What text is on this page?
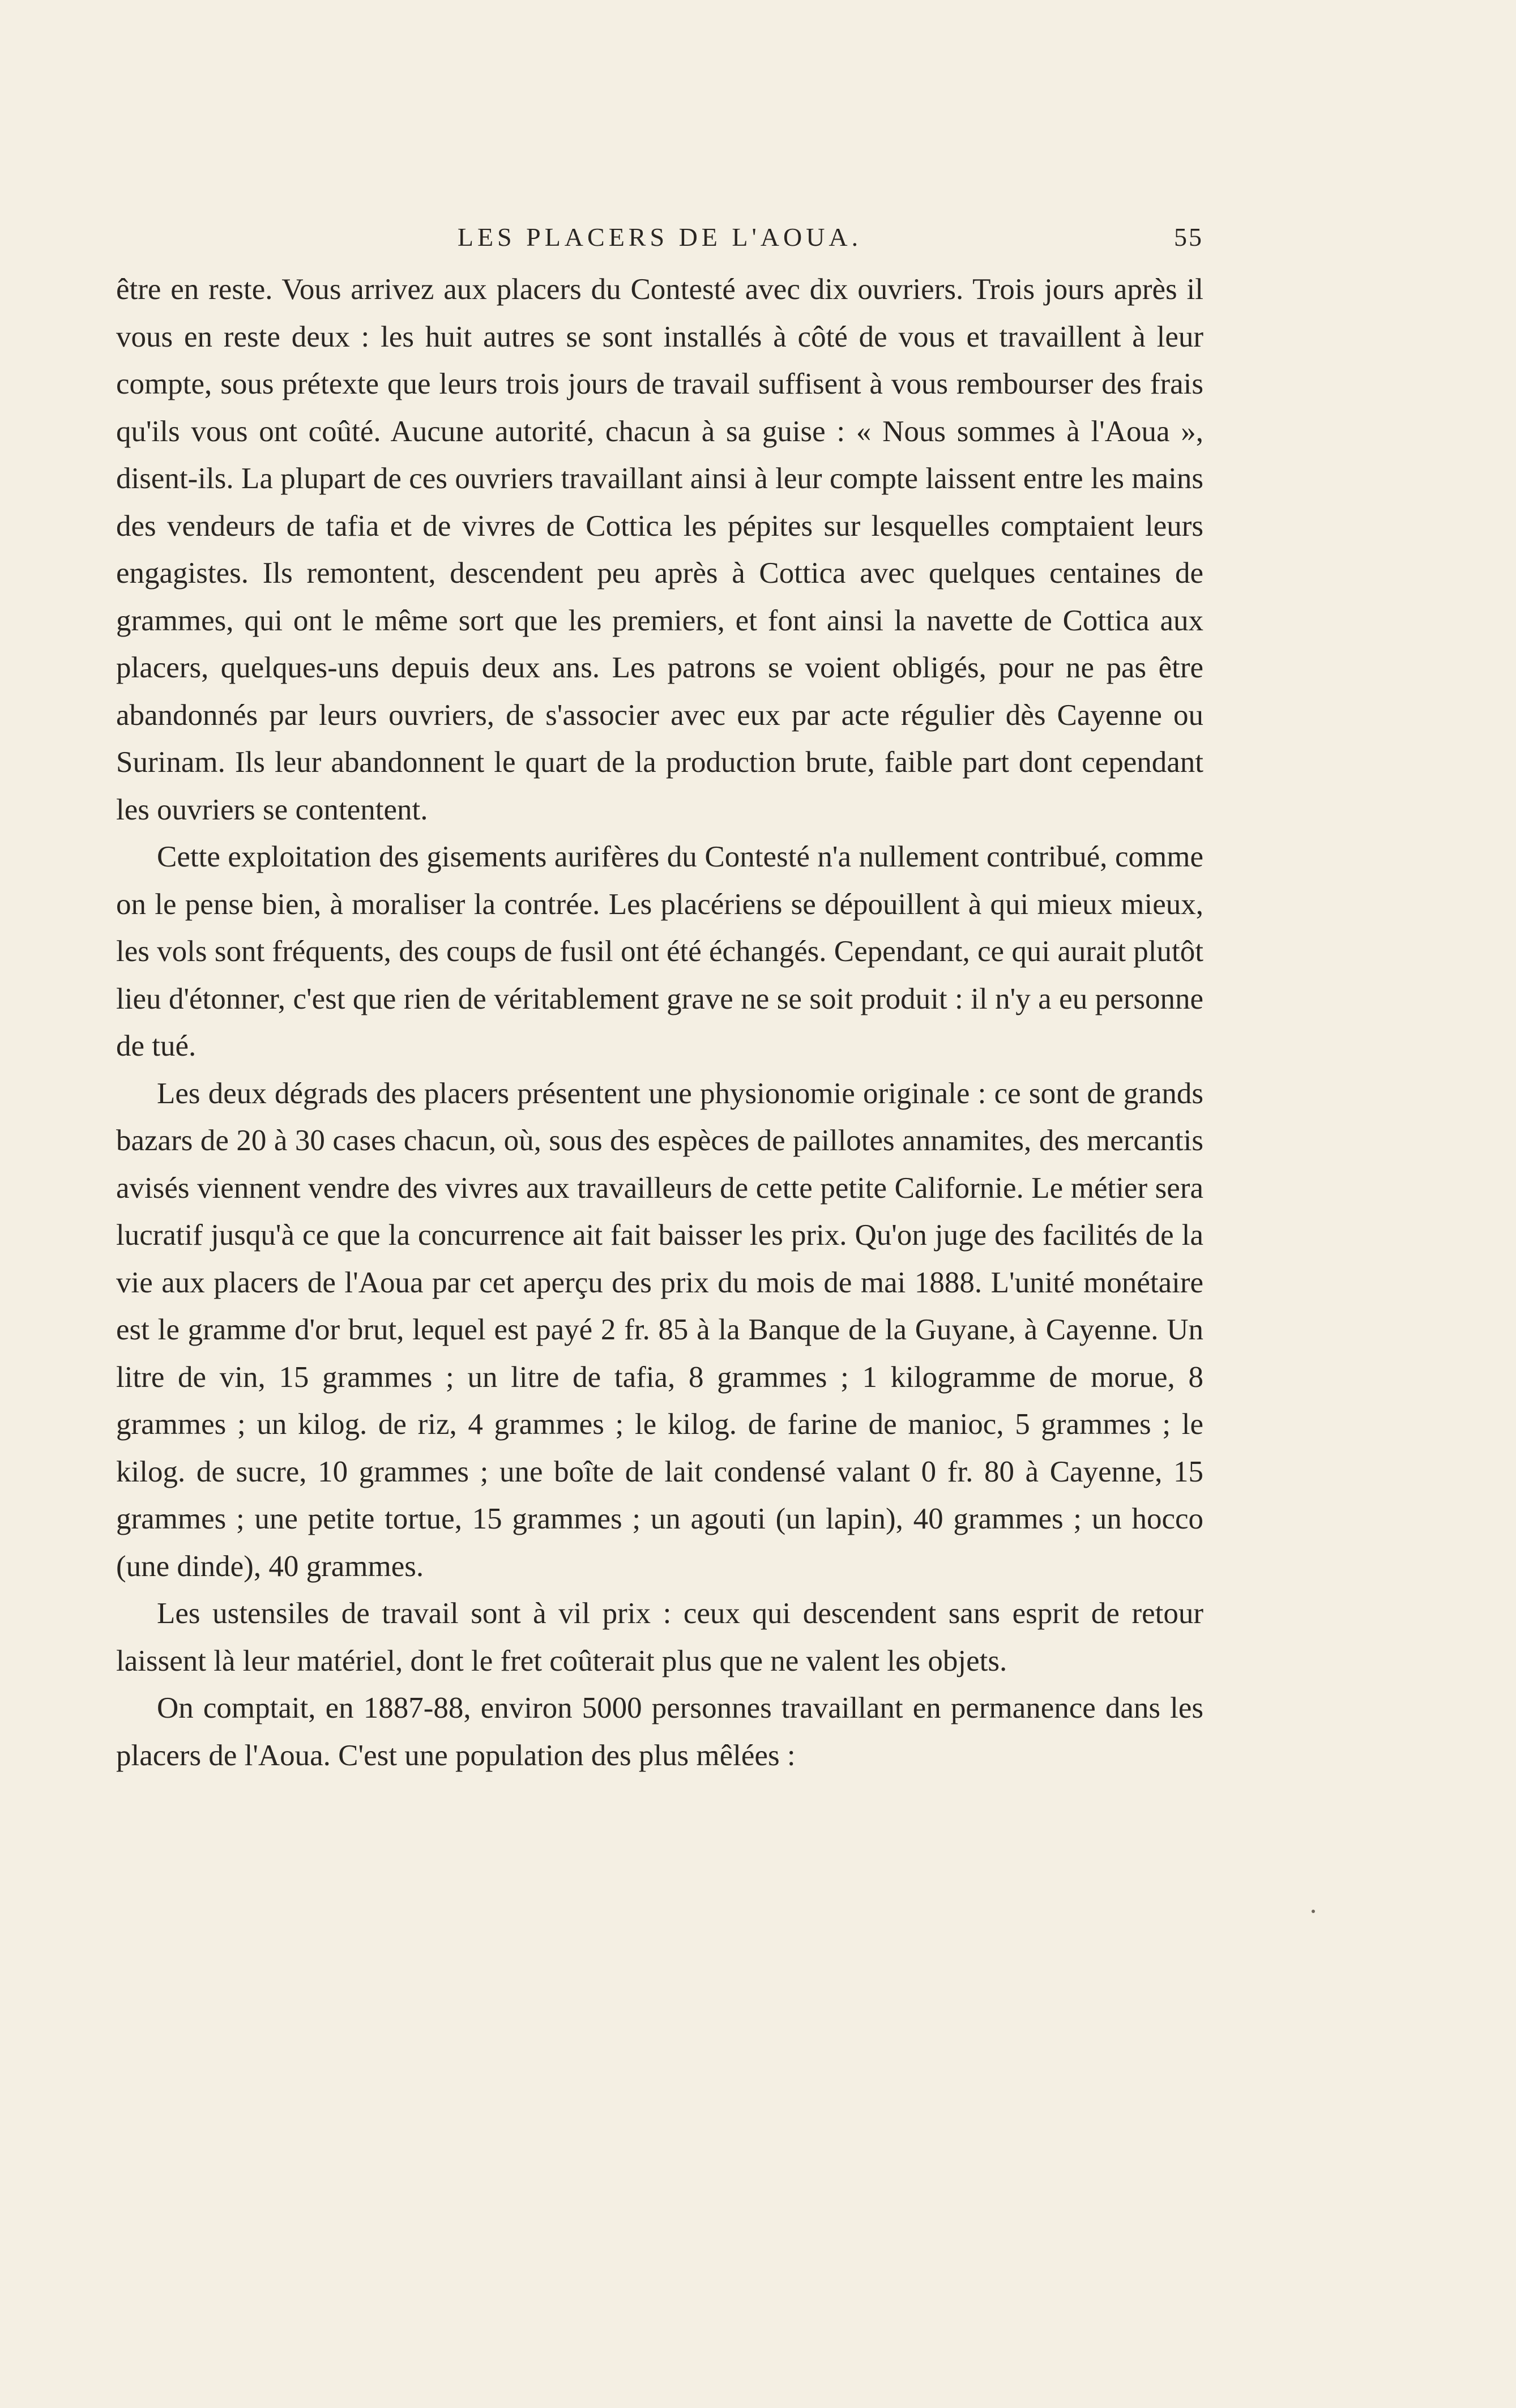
LES PLACERS DE L'AOUA.	55

être en reste. Vous arrivez aux placers du Contesté avec dix ouvriers. Trois jours après il vous en reste deux : les huit autres se sont installés à côté de vous et travaillent à leur compte, sous prétexte que leurs trois jours de travail suffisent à vous rembourser des frais qu'ils vous ont coûté. Aucune autorité, chacun à sa guise : « Nous sommes à l'Aoua », disent-ils. La plupart de ces ouvriers travaillant ainsi à leur compte laissent entre les mains des vendeurs de tafia et de vivres de Cottica les pépites sur lesquelles comptaient leurs engagistes. Ils remontent, descendent peu après à Cottica avec quelques centaines de grammes, qui ont le même sort que les premiers, et font ainsi la navette de Cottica aux placers, quelques-uns depuis deux ans. Les patrons se voient obligés, pour ne pas être abandonnés par leurs ouvriers, de s'associer avec eux par acte régulier dès Cayenne ou Surinam. Ils leur abandonnent le quart de la production brute, faible part dont cependant les ouvriers se contentent.

Cette exploitation des gisements aurifères du Contesté n'a nullement contribué, comme on le pense bien, à moraliser la contrée. Les placériens se dépouillent à qui mieux mieux, les vols sont fréquents, des coups de fusil ont été échangés. Cependant, ce qui aurait plutôt lieu d'étonner, c'est que rien de véritablement grave ne se soit produit : il n'y a eu personne de tué.

Les deux dégrads des placers présentent une physionomie originale : ce sont de grands bazars de 20 à 30 cases chacun, où, sous des espèces de paillotes annamites, des mercantis avisés viennent vendre des vivres aux travailleurs de cette petite Californie. Le métier sera lucratif jusqu'à ce que la concurrence ait fait baisser les prix. Qu'on juge des facilités de la vie aux placers de l'Aoua par cet aperçu des prix du mois de mai 1888. L'unité monétaire est le gramme d'or brut, lequel est payé 2 fr. 85 à la Banque de la Guyane, à Cayenne. Un litre de vin, 15 grammes ; un litre de tafia, 8 grammes ; 1 kilogramme de morue, 8 grammes ; un kilog. de riz, 4 grammes ; le kilog. de farine de manioc, 5 grammes ; le kilog. de sucre, 10 grammes ; une boîte de lait condensé valant 0 fr. 80 à Cayenne, 15 grammes ; une petite tortue, 15 grammes ; un agouti (un lapin), 40 grammes ; un hocco (une dinde), 40 grammes.

Les ustensiles de travail sont à vil prix : ceux qui descendent sans esprit de retour laissent là leur matériel, dont le fret coûterait plus que ne valent les objets.

On comptait, en 1887-88, environ 5000 personnes travaillant en permanence dans les placers de l'Aoua. C'est une population des plus mêlées :
